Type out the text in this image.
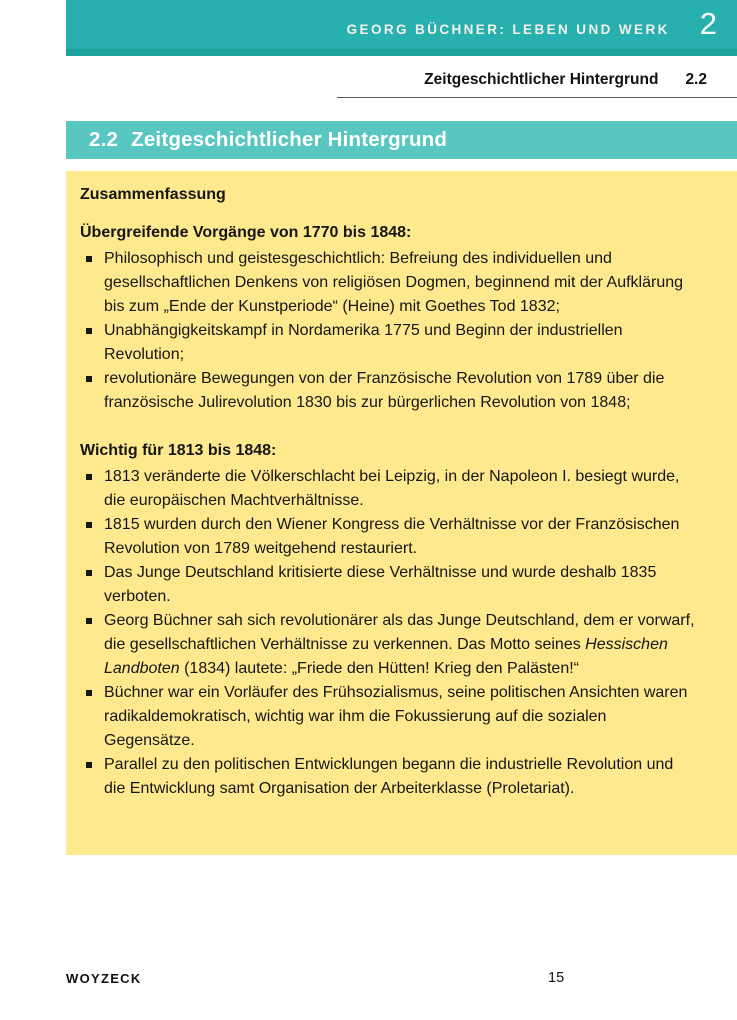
GEORG BÜCHNER: LEBEN UND WERK 2
Zeitgeschichtlicher Hintergrund 2.2
2.2 Zeitgeschichtlicher Hintergrund
Zusammenfassung
Übergreifende Vorgänge von 1770 bis 1848:
Philosophisch und geistesgeschichtlich: Befreiung des individuellen und gesellschaftlichen Denkens von religiösen Dogmen, beginnend mit der Aufklärung bis zum „Ende der Kunstperiode“ (Heine) mit Goethes Tod 1832;
Unabhängigkeitskampf in Nordamerika 1775 und Beginn der industriellen Revolution;
revolutionäre Bewegungen von der Französische Revolution von 1789 über die französische Julirevolution 1830 bis zur bürgerlichen Revolution von 1848;
Wichtig für 1813 bis 1848:
1813 veränderte die Völkerschlacht bei Leipzig, in der Napoleon I. besiegt wurde, die europäischen Machtverhältnisse.
1815 wurden durch den Wiener Kongress die Verhältnisse vor der Französischen Revolution von 1789 weitgehend restauriert.
Das Junge Deutschland kritisierte diese Verhältnisse und wurde deshalb 1835 verboten.
Georg Büchner sah sich revolutionärer als das Junge Deutschland, dem er vorwarf, die gesellschaftlichen Verhältnisse zu verkennen. Das Motto seines Hessischen Landboten (1834) lautete: „Friede den Hütten! Krieg den Palästen!“
Büchner war ein Vorläufer des Frühsozialismus, seine politischen Ansichten waren radikaldemokratisch, wichtig war ihm die Fokussierung auf die sozialen Gegensätze.
Parallel zu den politischen Entwicklungen begann die industrielle Revolution und die Entwicklung samt Organisation der Arbeiterklasse (Proletariat).
WOYZECK	15
